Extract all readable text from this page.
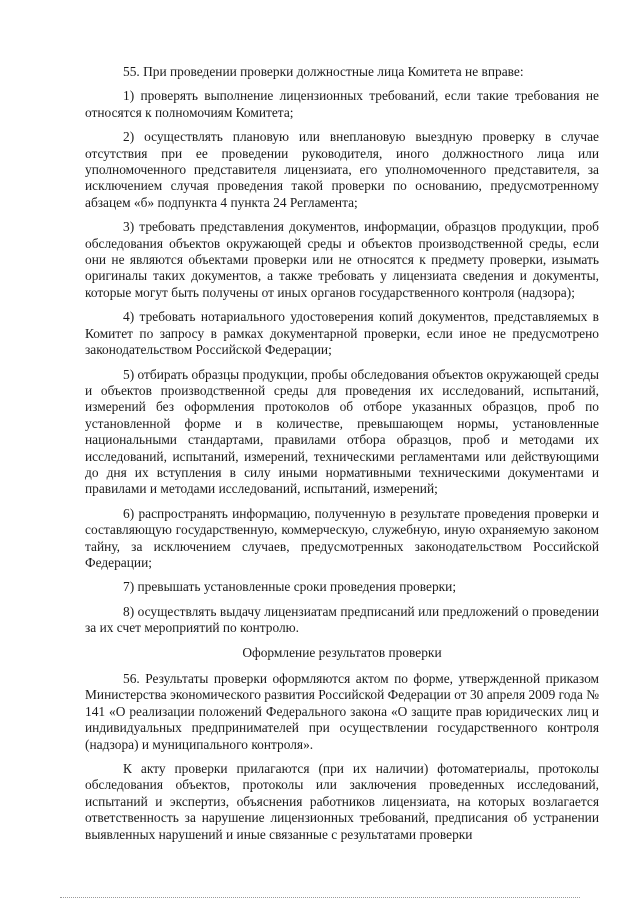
55. При проведении проверки должностные лица Комитета не вправе:

1) проверять выполнение лицензионных требований, если такие требования не относятся к полномочиям Комитета;

2) осуществлять плановую или внеплановую выездную проверку в случае отсутствия при ее проведении руководителя, иного должностного лица или уполномоченного представителя лицензиата, его уполномоченного представителя, за исключением случая проведения такой проверки по основанию, предусмотренному абзацем «б» подпункта 4 пункта 24 Регламента;

3) требовать представления документов, информации, образцов продукции, проб обследования объектов окружающей среды и объектов производственной среды, если они не являются объектами проверки или не относятся к предмету проверки, изымать оригиналы таких документов, а также требовать у лицензиата сведения и документы, которые могут быть получены от иных органов государственного контроля (надзора);

4) требовать нотариального удостоверения копий документов, представляемых в Комитет по запросу в рамках документарной проверки, если иное не предусмотрено законодательством Российской Федерации;

5) отбирать образцы продукции, пробы обследования объектов окружающей среды и объектов производственной среды для проведения их исследований, испытаний, измерений без оформления протоколов об отборе указанных образцов, проб по установленной форме и в количестве, превышающем нормы, установленные национальными стандартами, правилами отбора образцов, проб и методами их исследований, испытаний, измерений, техническими регламентами или действующими до дня их вступления в силу иными нормативными техническими документами и правилами и методами исследований, испытаний, измерений;

6) распространять информацию, полученную в результате проведения проверки и составляющую государственную, коммерческую, служебную, иную охраняемую законом тайну, за исключением случаев, предусмотренных законодательством Российской Федерации;

7) превышать установленные сроки проведения проверки;

8) осуществлять выдачу лицензиатам предписаний или предложений о проведении за их счет мероприятий по контролю.

Оформление результатов проверки

56. Результаты проверки оформляются актом по форме, утвержденной приказом Министерства экономического развития Российской Федерации от 30 апреля 2009 года № 141 «О реализации положений Федерального закона «О защите прав юридических лиц и индивидуальных предпринимателей при осуществлении государственного контроля (надзора) и муниципального контроля».

К акту проверки прилагаются (при их наличии) фотоматериалы, протоколы обследования объектов, протоколы или заключения проведенных исследований, испытаний и экспертиз, объяснения работников лицензиата, на которых возлагается ответственность за нарушение лицензионных требований, предписания об устранении выявленных нарушений и иные связанные с результатами проверки
